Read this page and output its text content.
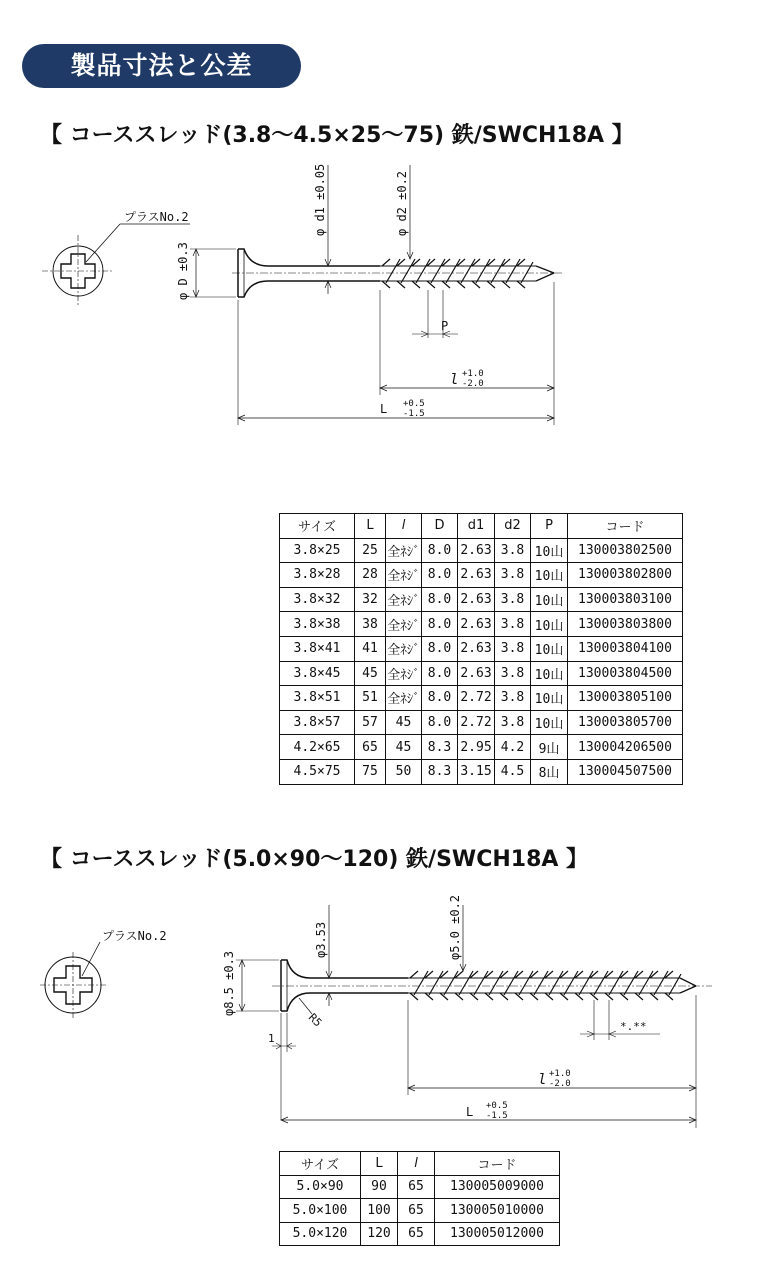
製品寸法と公差
【 コーススレッド(3.8〜4.5×25〜75) 鉄/SWCH18A 】
プラスNo.2
φ D ±0.3
φ d1 ±0.05	φ d2 ±0.2
P
l +1.0
-2.0
L +0.5
-1.5
サイズ	L	l	D	d1	d2	P	コード
3.8×25	25	全ﾈｼﾞ	8.0	2.63	3.8	10山	130003802500
3.8×28	28	全ﾈｼﾞ	8.0	2.63	3.8	10山	130003802800
3.8×32	32	全ﾈｼﾞ	8.0	2.63	3.8	10山	130003803100
3.8×38	38	全ﾈｼﾞ	8.0	2.63	3.8	10山	130003803800
3.8×41	41	全ﾈｼﾞ	8.0	2.63	3.8	10山	130003804100
3.8×45	45	全ﾈｼﾞ	8.0	2.63	3.8	10山	130003804500
3.8×51	51	全ﾈｼﾞ	8.0	2.72	3.8	10山	130003805100
3.8×57	57	45	8.0	2.72	3.8	10山	130003805700
4.2×65	65	45	8.3	2.95	4.2	9山	130004206500
4.5×75	75	50	8.3	3.15	4.5	8山	130004507500
【 コーススレッド(5.0×90〜120) 鉄/SWCH18A 】
プラスNo.2
φ8.5 ±0.3
φ3.53	φ5.0 ±0.2
R5
1
*.**
l +1.0
-2.0
L +0.5
-1.5
サイズ	L	l	コード
5.0×90	90	65	130005009000
5.0×100	100	65	130005010000
5.0×120	120	65	130005012000
